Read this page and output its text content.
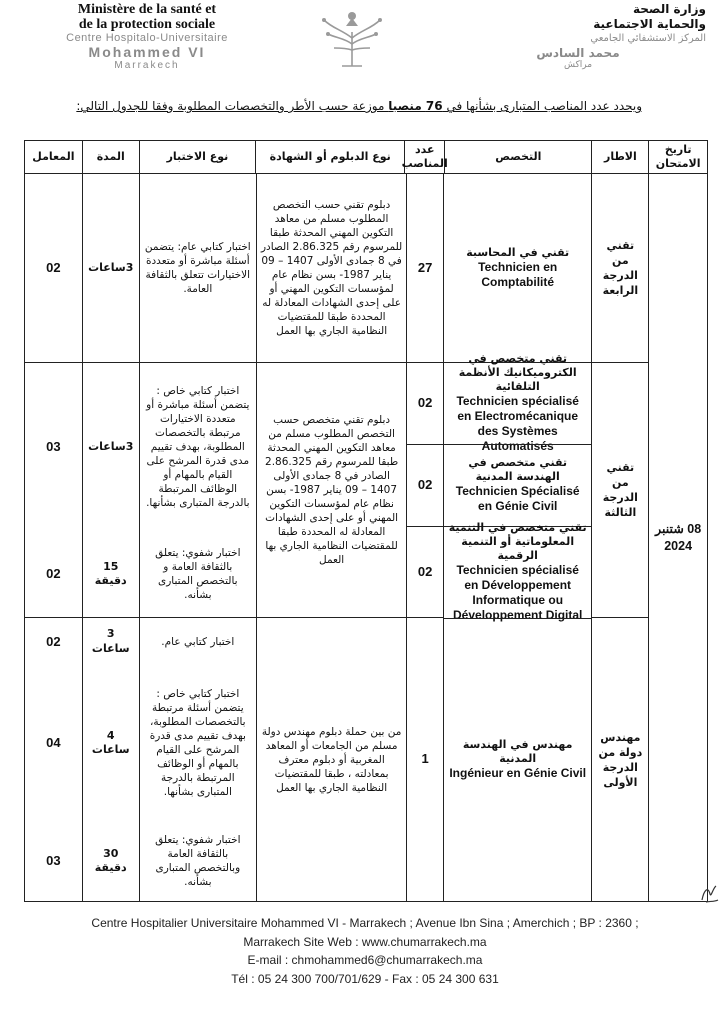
Ministère de la santé et
de la protection sociale
Centre Hospitalo-Universitaire
Mohammed VI
Marrakech
وزارة الصحة
والحماية الاجتماعية
المركز الاستشفائي الجامعي
محمد السادس
مراكش
ويحدد عدد المناصب المتبارى بشأنها في 76 منصبا موزعة حسب الأطر والتخصصات المطلوبة وفقا للجدول التالي:
تاريخ الامتحان
الاطار
التخصص
عدد المناصب
نوع الدبلوم أو الشهادة
نوع الاختبار
المدة
المعامل
08 شتنبر 2024
تقني من الدرجة الرابعة
تقني من الدرجة الثالثة
مهندس دولة من الدرجة الأولى
تقني في المحاسبة
Technicien en Comptabilité
تقني متخصص في الكتروميكانيك الأنظمة التلقائية
Technicien spécialisé en Electromécanique des Systèmes Automatisés
تقني متخصص في الهندسة المدنية
Technicien Spécialisé en Génie Civil
تقني متخصص في التنمية المعلوماتية أو التنمية الرقمية
Technicien spécialisé en Développement Informatique ou Développement Digital
مهندس في الهندسة المدنية
Ingénieur en Génie Civil
27
02
02
02
1
دبلوم تقني حسب التخصص المطلوب مسلم من معاهد التكوين المهني المحدثة طبقا للمرسوم رقم 2.86.325 الصادر في 8 جمادى الأولى 1407 – 09 يناير 1987- بسن نظام عام لمؤسسات التكوين المهني أو على إحدى الشهادات المعادلة له المحددة طبقا للمقتضيات النظامية الجاري بها العمل
دبلوم تقني متخصص حسب التخصص المطلوب مسلم من معاهد التكوين المهني المحدثة طبقا للمرسوم رقم 2.86.325 الصادر في 8 جمادى الأولى 1407 – 09 يناير 1987- بسن نظام عام لمؤسسات التكوين المهني أو على إحدى الشهادات المعادلة له المحددة طبقا للمقتضيات النظامية الجاري بها العمل
من بين حملة دبلوم مهندس دولة مسلم من الجامعات أو المعاهد المغربية أو دبلوم معترف بمعادلته ، طبقا للمقتضيات النظامية الجاري بها العمل
اختبار كتابي عام: يتضمن أسئلة مباشرة أو متعددة الاختيارات تتعلق بالثقافة العامة.
اختبار كتابي خاص : يتضمن أسئلة مباشرة أو متعددة الاختيارات مرتبطة بالتخصصات المطلوبة، بهدف تقييم مدى قدرة المرشح على القيام بالمهام أو الوظائف المرتبطة بالدرجة المتبارى بشأنها.
اختبار شفوي: يتعلق بالثقافة العامة و بالتخصص المتبارى بشأنه.
اختبار كتابي عام.
اختبار كتابي خاص : يتضمن أسئلة مرتبطة بالتخصصات المطلوبة، بهدف تقييم مدى قدرة المرشح على القيام بالمهام أو الوظائف المرتبطة بالدرجة المتبارى بشأنها.
اختبار شفوي: يتعلق بالثقافة العامة وبالتخصص المتبارى بشأنه.
3ساعات
3ساعات
15 دقيقة
3 ساعات
4 ساعات
30 دقيقة
02
03
02
02
04
03
Centre Hospitalier Universitaire Mohammed VI - Marrakech ; Avenue Ibn Sina ; Amerchich ; BP : 2360 ;
Marrakech Site Web : www.chumarrakech.ma
E-mail : chmohammed6@chumarrakech.ma
Tél : 05 24 300 700/701/629 - Fax : 05 24 300 631
